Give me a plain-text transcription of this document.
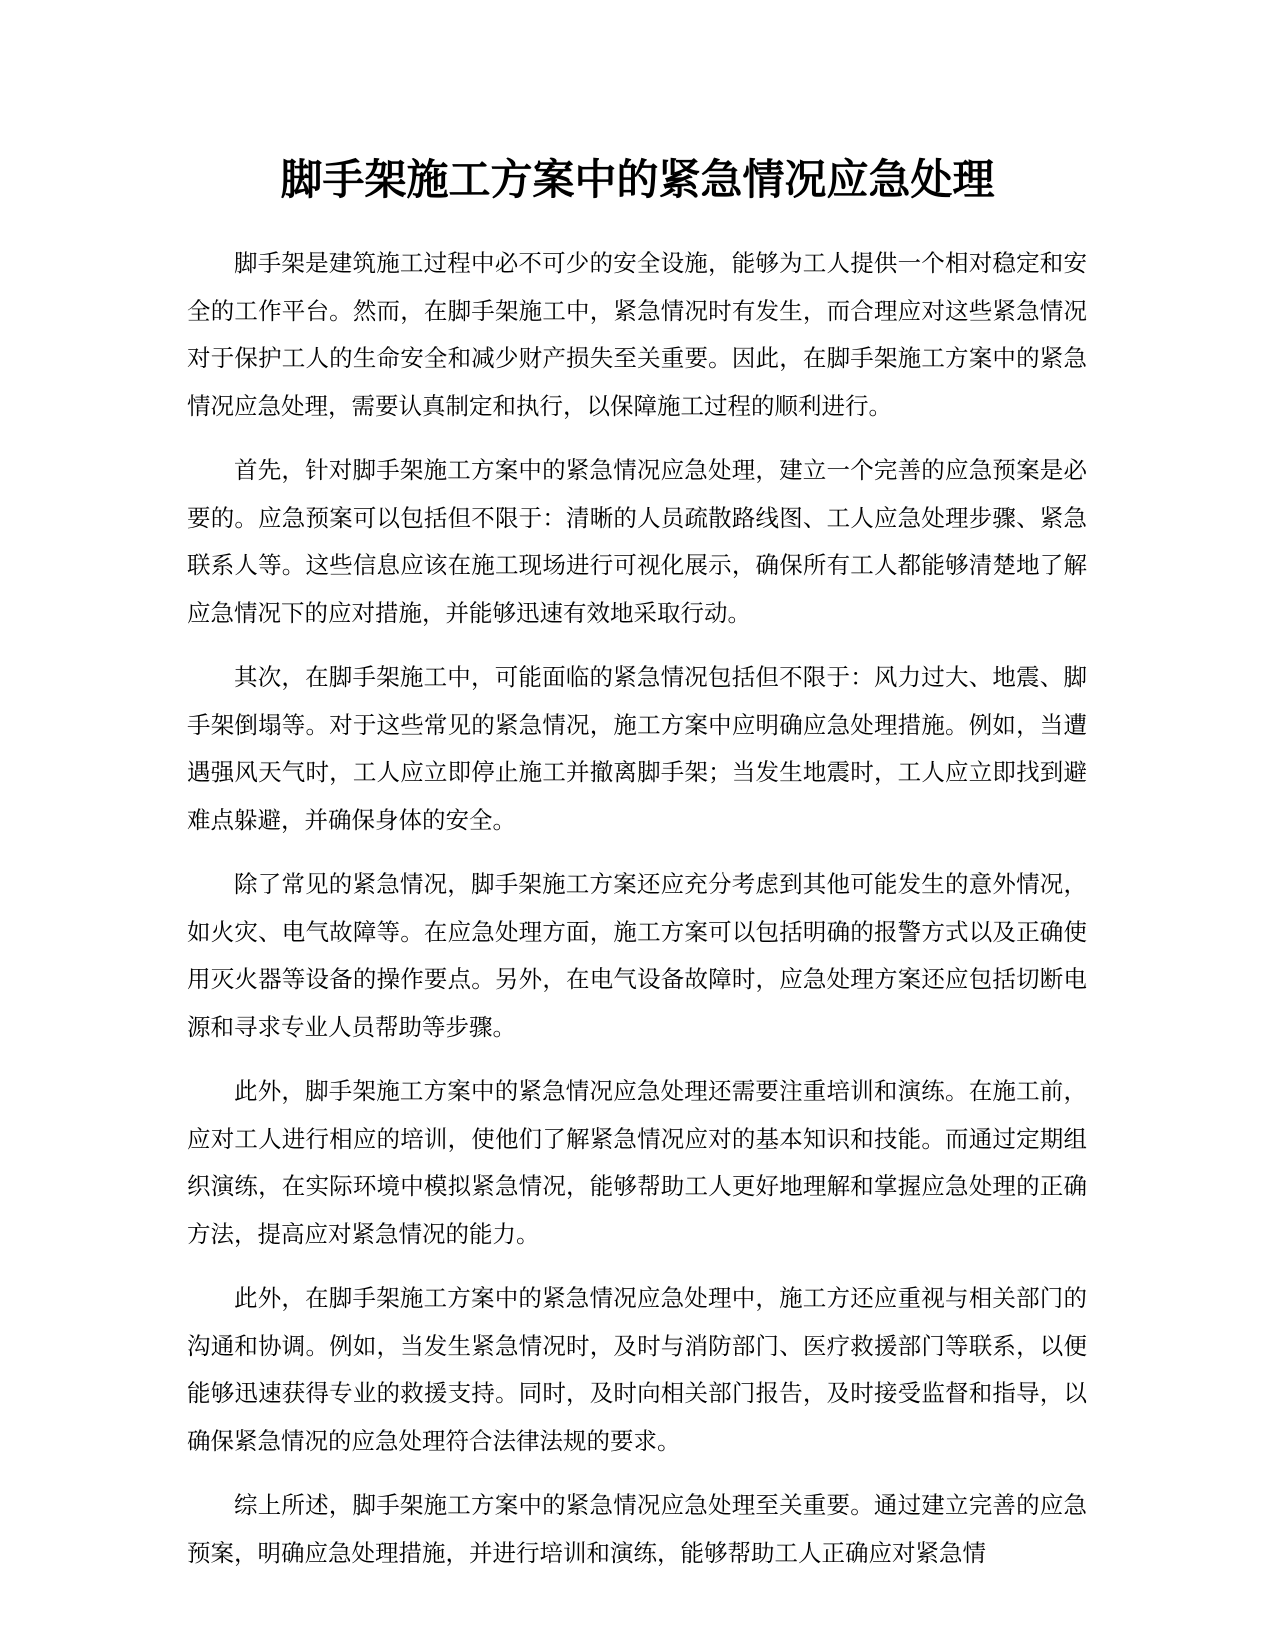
脚手架施工方案中的紧急情况应急处理

脚手架是建筑施工过程中必不可少的安全设施，能够为工人提供一个相对稳定和安全的工作平台。然而，在脚手架施工中，紧急情况时有发生，而合理应对这些紧急情况对于保护工人的生命安全和减少财产损失至关重要。因此，在脚手架施工方案中的紧急情况应急处理，需要认真制定和执行，以保障施工过程的顺利进行。

首先，针对脚手架施工方案中的紧急情况应急处理，建立一个完善的应急预案是必要的。应急预案可以包括但不限于：清晰的人员疏散路线图、工人应急处理步骤、紧急联系人等。这些信息应该在施工现场进行可视化展示，确保所有工人都能够清楚地了解应急情况下的应对措施，并能够迅速有效地采取行动。

其次，在脚手架施工中，可能面临的紧急情况包括但不限于：风力过大、地震、脚手架倒塌等。对于这些常见的紧急情况，施工方案中应明确应急处理措施。例如，当遭遇强风天气时，工人应立即停止施工并撤离脚手架；当发生地震时，工人应立即找到避难点躲避，并确保身体的安全。

除了常见的紧急情况，脚手架施工方案还应充分考虑到其他可能发生的意外情况，如火灾、电气故障等。在应急处理方面，施工方案可以包括明确的报警方式以及正确使用灭火器等设备的操作要点。另外，在电气设备故障时，应急处理方案还应包括切断电源和寻求专业人员帮助等步骤。

此外，脚手架施工方案中的紧急情况应急处理还需要注重培训和演练。在施工前，应对工人进行相应的培训，使他们了解紧急情况应对的基本知识和技能。而通过定期组织演练，在实际环境中模拟紧急情况，能够帮助工人更好地理解和掌握应急处理的正确方法，提高应对紧急情况的能力。

此外，在脚手架施工方案中的紧急情况应急处理中，施工方还应重视与相关部门的沟通和协调。例如，当发生紧急情况时，及时与消防部门、医疗救援部门等联系，以便能够迅速获得专业的救援支持。同时，及时向相关部门报告，及时接受监督和指导，以确保紧急情况的应急处理符合法律法规的要求。

综上所述，脚手架施工方案中的紧急情况应急处理至关重要。通过建立完善的应急预案，明确应急处理措施，并进行培训和演练，能够帮助工人正确应对紧急情
